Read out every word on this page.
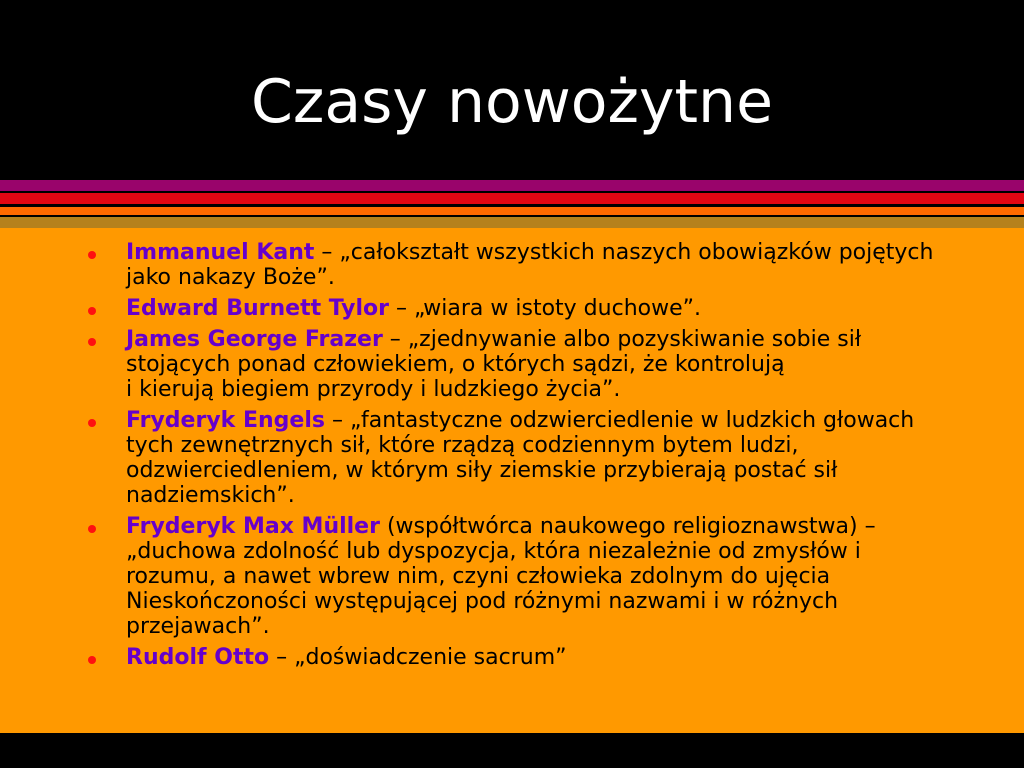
Czasy nowożytne
Immanuel Kant – „całokształt wszystkich naszych obowiązków pojętych jako nakazy Boże”.
Edward Burnett Tylor – „wiara w istoty duchowe”.
James George Frazer – „zjednywanie albo pozyskiwanie sobie sił stojących ponad człowiekiem, o których sądzi, że kontrolują
i kierują biegiem przyrody i ludzkiego życia”.
Fryderyk Engels – „fantastyczne odzwierciedlenie w ludzkich głowach tych zewnętrznych sił, które rządzą codziennym bytem ludzi, odzwierciedleniem, w którym siły ziemskie przybierają postać sił nadziemskich”.
Fryderyk Max Müller (współtwórca naukowego religioznawstwa) – „duchowa zdolność lub dyspozycja, która niezależnie od zmysłów i rozumu, a nawet wbrew nim, czyni człowieka zdolnym do ujęcia Nieskończoności występującej pod różnymi nazwami i w różnych przejawach”.
Rudolf Otto – „doświadczenie sacrum”
